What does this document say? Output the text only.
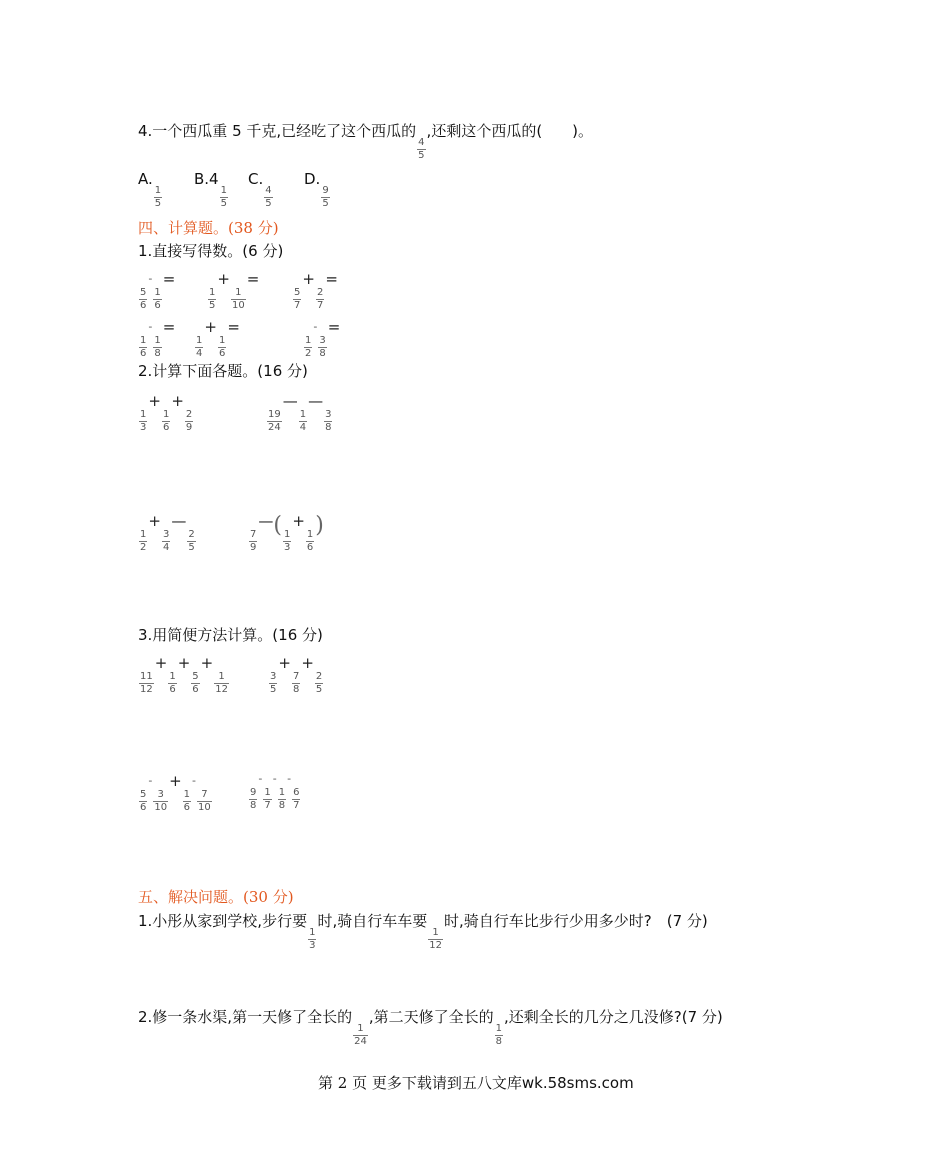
4.一个西瓜重 5 千克,已经吃了这个西瓜的
$\frac{4}{5}$
,还剩这个西瓜的(　　)。
A.
$\frac{1}{5}$
B.4
$\frac{1}{5}$
C.
$\frac{4}{5}$
D.
$\frac{9}{5}$
四、计算题。(38 分)
1.直接写得数。(6 分)
$\frac{5}{6}$
-
$\frac{1}{6}$
=
$\frac{1}{5}$
+
$\frac{1}{10}$
=
$\frac{5}{7}$
+
$\frac{2}{7}$
=
$\frac{1}{6}$
-
$\frac{1}{8}$
=
$\frac{1}{4}$
+
$\frac{1}{6}$
=
$\frac{1}{2}$
-
$\frac{3}{8}$
=
2.计算下面各题。(16 分)
$\frac{1}{3}$
+
$\frac{1}{6}$
+
$\frac{2}{9}$	$\frac{19}{24}$
—
$\frac{1}{4}$
—
$\frac{3}{8}$
$\frac{1}{2}$
+
$\frac{3}{4}$
—
$\frac{2}{5}$	$\frac{7}{9}$
—(
$\frac{1}{3}$
+
$\frac{1}{6}$
)
3.用简便方法计算。(16 分)
$\frac{11}{12}$
+
$\frac{1}{6}$
+
$\frac{5}{6}$
+
$\frac{1}{12}$	$\frac{3}{5}$
+
$\frac{7}{8}$
+
$\frac{2}{5}$
$\frac{5}{6}$
-
$\frac{3}{10}$
+
$\frac{1}{6}$
-
$\frac{7}{10}$	$\frac{9}{8}$
-
$\frac{1}{7}$
-
$\frac{1}{8}$
-
$\frac{6}{7}$
五、解决问题。(30 分)
1.小彤从家到学校,步行要
$\frac{1}{3}$
时,骑自行车车要
$\frac{1}{12}$
时,骑自行车比步行少用多少时?　(7 分)
2.修一条水渠,第一天修了全长的
$\frac{1}{24}$
,第二天修了全长的
$\frac{1}{8}$
,还剩全长的几分之几没修?(7 分)
第 2 页 更多下载请到五八文库wk.58sms.com
